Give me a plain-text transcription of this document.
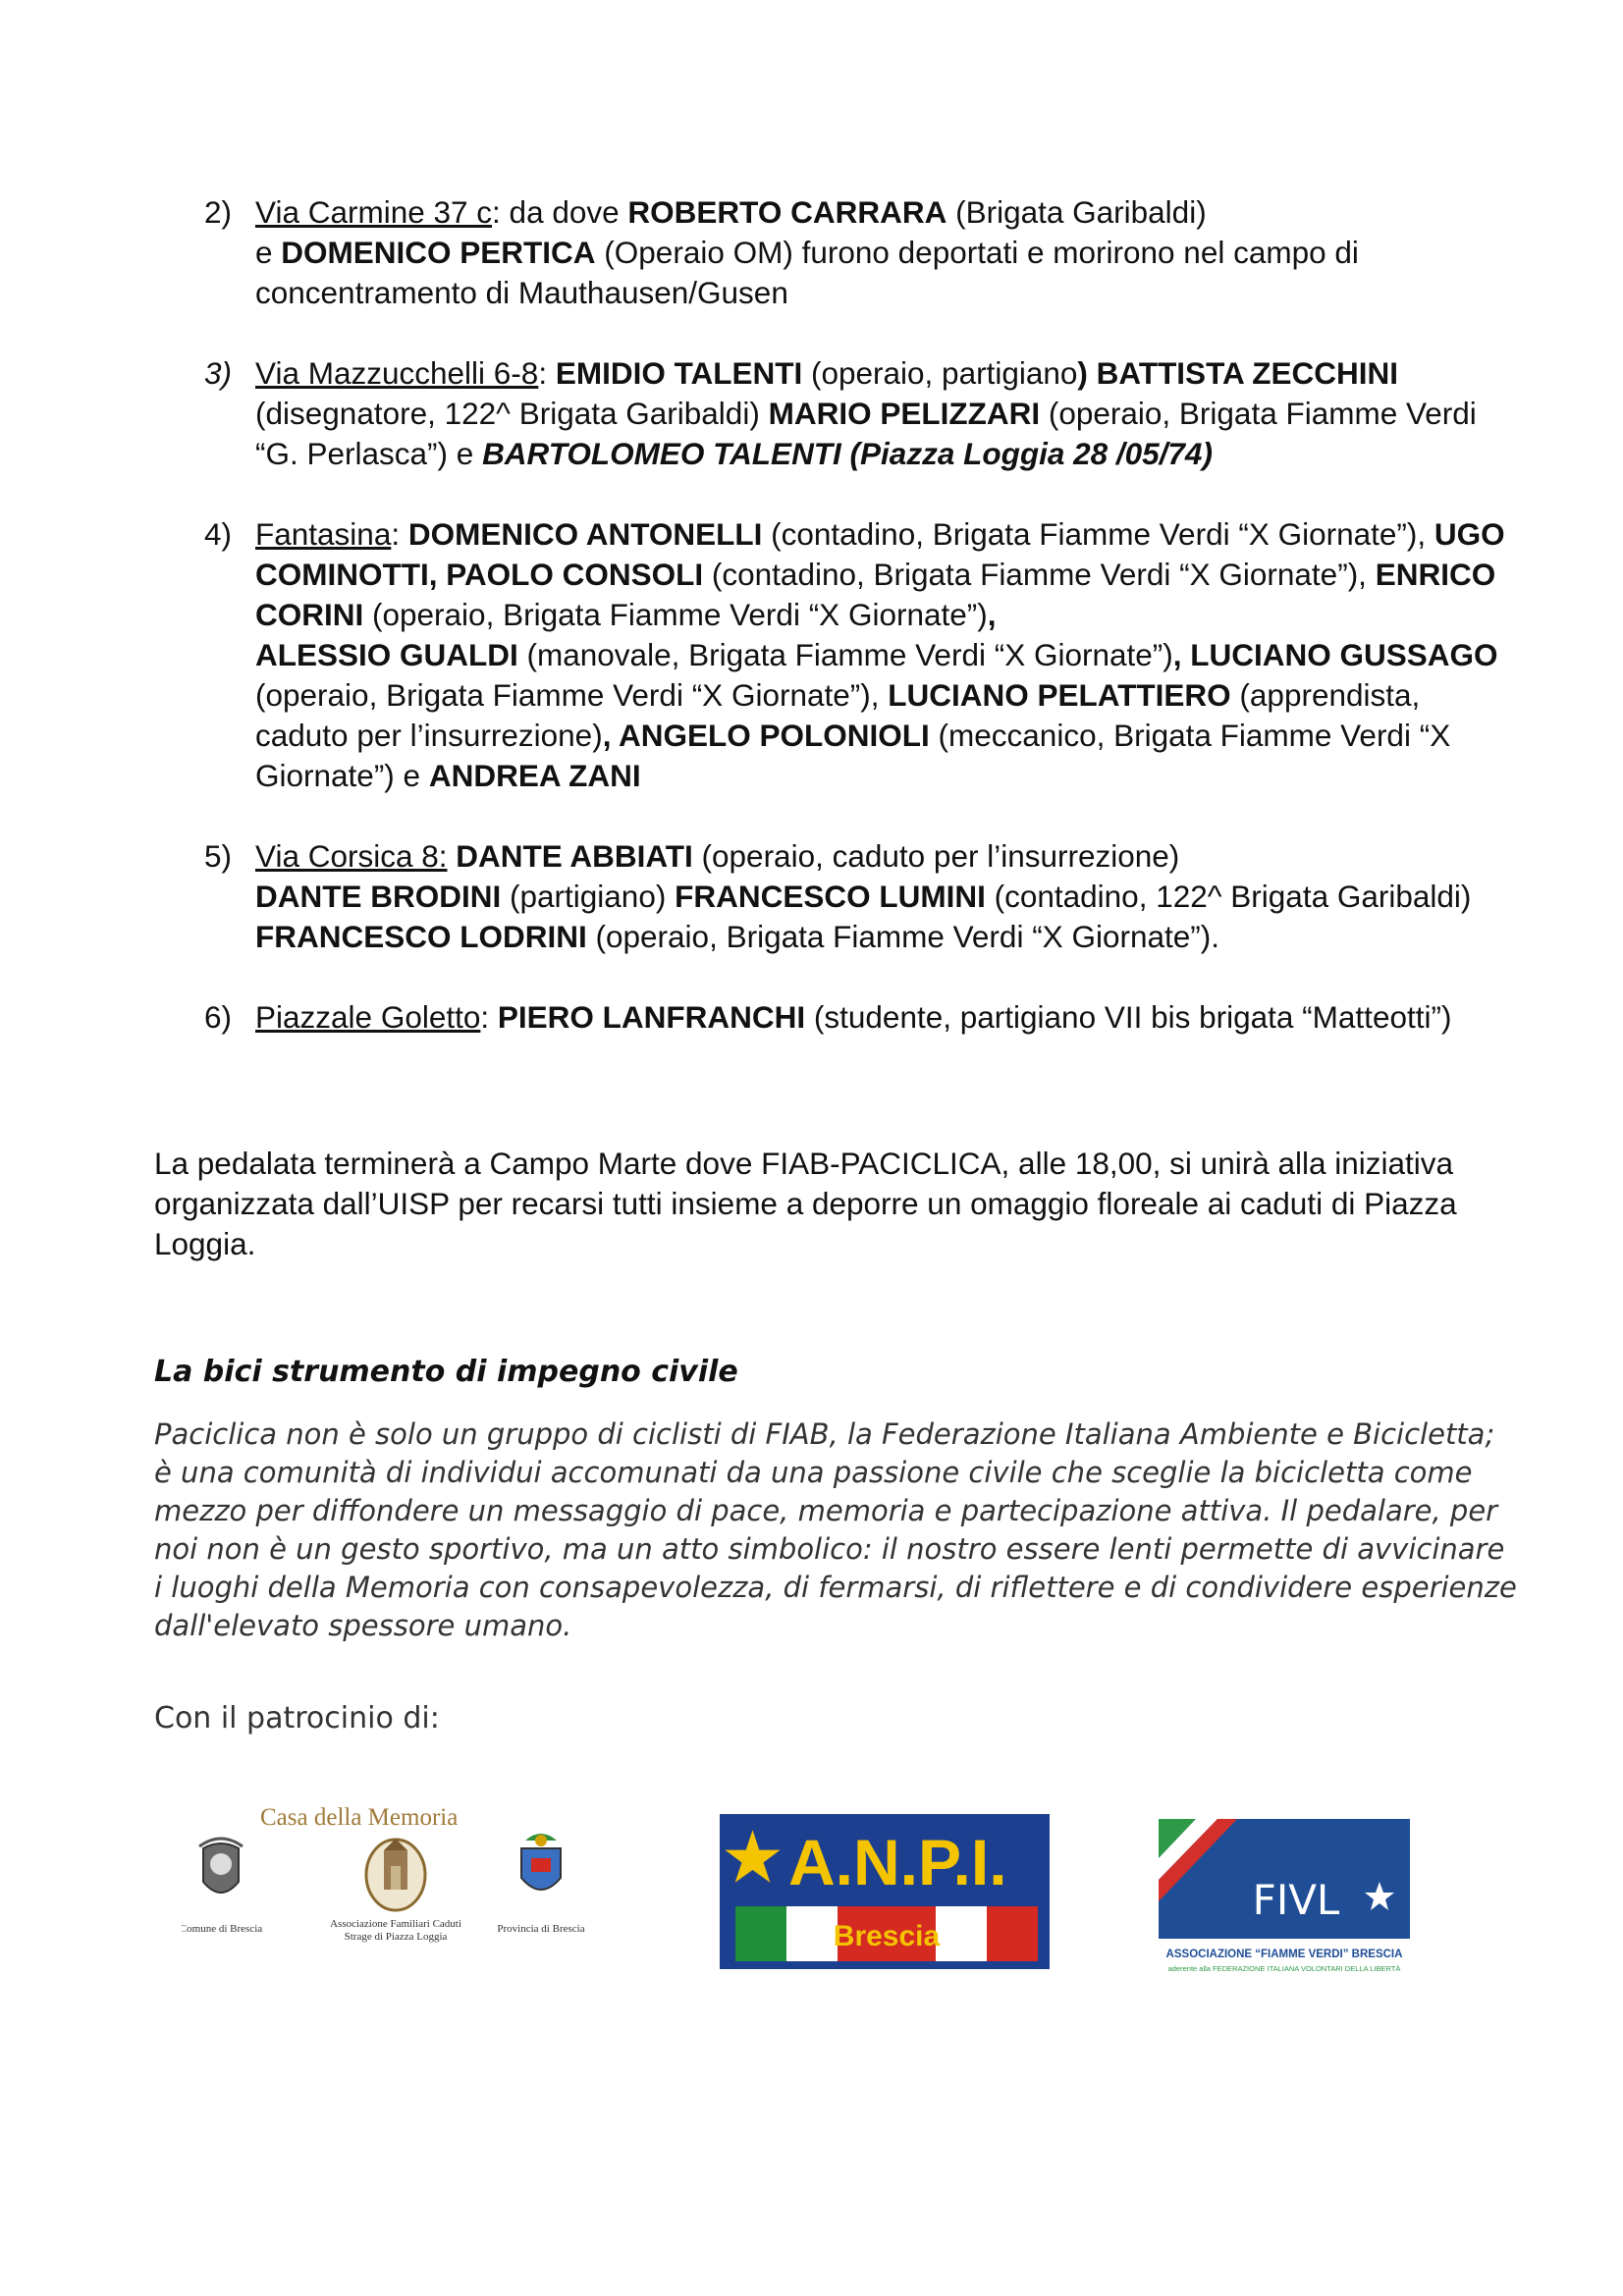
2) Via Carmine 37 c: da dove ROBERTO CARRARA (Brigata Garibaldi)
e DOMENICO PERTICA (Operaio OM) furono deportati e morirono nel campo di concentramento di Mauthausen/Gusen
3) Via Mazzucchelli 6-8: EMIDIO TALENTI (operaio, partigiano) BATTISTA ZECCHINI (disegnatore, 122^ Brigata Garibaldi) MARIO PELIZZARI (operaio, Brigata Fiamme Verdi “G. Perlasca”) e BARTOLOMEO TALENTI (Piazza Loggia 28 /05/74)
4) Fantasina: DOMENICO ANTONELLI (contadino, Brigata Fiamme Verdi “X Giornate”), UGO COMINOTTI, PAOLO CONSOLI (contadino, Brigata Fiamme Verdi “X Giornate”), ENRICO CORINI (operaio, Brigata Fiamme Verdi “X Giornate”),
ALESSIO GUALDI (manovale, Brigata Fiamme Verdi “X Giornate”), LUCIANO GUSSAGO (operaio, Brigata Fiamme Verdi “X Giornate”), LUCIANO PELATTIERO (apprendista, caduto per l’insurrezione), ANGELO POLONIOLI (meccanico, Brigata Fiamme Verdi “X Giornate”) e ANDREA ZANI
5) Via Corsica 8: DANTE ABBIATI (operaio, caduto per l’insurrezione)
DANTE BRODINI (partigiano) FRANCESCO LUMINI (contadino, 122^ Brigata Garibaldi) FRANCESCO LODRINI (operaio, Brigata Fiamme Verdi “X Giornate”).
6) Piazzale Goletto: PIERO LANFRANCHI (studente, partigiano VII bis brigata “Matteotti”)
La pedalata terminerà a Campo Marte dove FIAB-PACICLICA, alle 18,00, si unirà alla iniziativa organizzata dall’UISP per recarsi tutti insieme a deporre un omaggio floreale ai caduti di Piazza Loggia.
La bici strumento di impegno civile
Paciclica non è solo un gruppo di ciclisti di FIAB, la Federazione Italiana Ambiente e Bicicletta; è una comunità di individui accomunati da una passione civile che sceglie la bicicletta come mezzo per diffondere un messaggio di pace, memoria e partecipazione attiva. Il pedalare, per noi non è un gesto sportivo, ma un atto simbolico: il nostro essere lenti permette di avvicinare i luoghi della Memoria con consapevolezza, di fermarsi, di riflettere e di condividere esperienze dall'elevato spessore umano.
Con il patrocinio di:
Casa della Memoria
Comune di Brescia	Associazione Familiari Caduti
Strage di Piazza Loggia
Provincia di Brescia
A.N.P.I.
Brescia
FIVL
ASSOCIAZIONE “FIAMME VERDI” BRESCIA
aderente alla FEDERAZIONE ITALIANA VOLONTARI DELLA LIBERTÀ
